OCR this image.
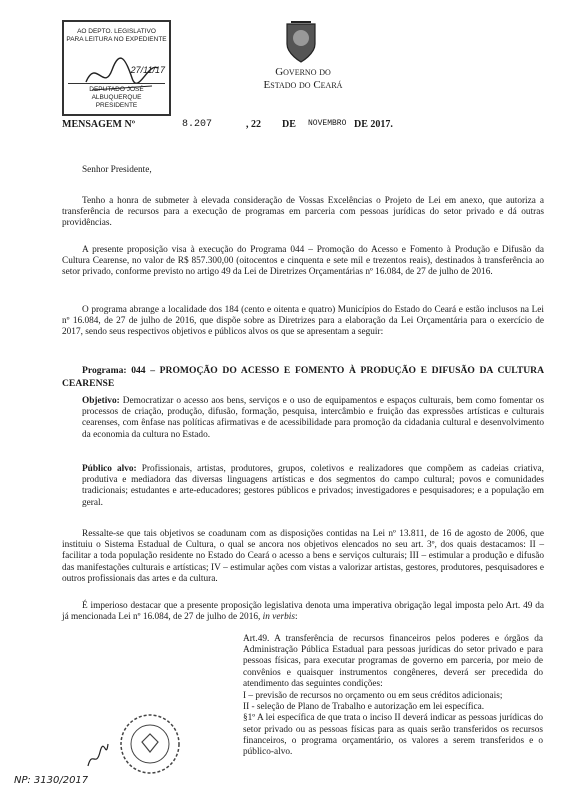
AO DEPTO. LEGISLATIVO
PARA LEITURA NO EXPEDIENTE
27/11/17
DEPUTADO JOSÉ ALBUQUERQUE
PRESIDENTE
Governo do
Estado do Ceará
MENSAGEM Nº	8.207	, 22 DE NOVEMBRO DE 2017.

Senhor Presidente,

Tenho a honra de submeter à elevada consideração de Vossas Excelências o Projeto de Lei em anexo, que autoriza a transferência de recursos para a execução de programas em parceria com pessoas jurídicas do setor privado e dá outras providências.

A presente proposição visa à execução do Programa 044 – Promoção do Acesso e Fomento à Produção e Difusão da Cultura Cearense, no valor de R$ 857.300,00 (oitocentos e cinquenta e sete mil e trezentos reais), destinados à transferência ao setor privado, conforme previsto no artigo 49 da Lei de Diretrizes Orçamentárias nº 16.084, de 27 de julho de 2016.

O programa abrange a localidade dos 184 (cento e oitenta e quatro) Municípios do Estado do Ceará e estão inclusos na Lei nº 16.084, de 27 de julho de 2016, que dispõe sobre as Diretrizes para a elaboração da Lei Orçamentária para o exercício de 2017, sendo seus respectivos objetivos e públicos alvos os que se apresentam a seguir:

Programa: 044 – PROMOÇÃO DO ACESSO E FOMENTO À PRODUÇÃO E DIFUSÃO DA CULTURA CEARENSE

Objetivo: Democratizar o acesso aos bens, serviços e o uso de equipamentos e espaços culturais, bem como fomentar os processos de criação, produção, difusão, formação, pesquisa, intercâmbio e fruição das expressões artísticas e culturais cearenses, com ênfase nas políticas afirmativas e de acessibilidade para promoção da cidadania cultural e desenvolvimento da economia da cultura no Estado.

Público alvo: Profissionais, artistas, produtores, grupos, coletivos e realizadores que compõem as cadeias criativa, produtiva e mediadora das diversas linguagens artísticas e dos segmentos do campo cultural; povos e comunidades tradicionais; estudantes e arte-educadores; gestores públicos e privados; investigadores e pesquisadores; e a população em geral.

Ressalte-se que tais objetivos se coadunam com as disposições contidas na Lei nº 13.811, de 16 de agosto de 2006, que instituiu o Sistema Estadual de Cultura, o qual se ancora nos objetivos elencados no seu art. 3º, dos quais destacamos: II – facilitar a toda população residente no Estado do Ceará o acesso a bens e serviços culturais; III – estimular a produção e difusão das manifestações culturais e artísticas; IV – estimular ações com vistas a valorizar artistas, gestores, produtores, pesquisadores e outros profissionais das artes e da cultura.

É imperioso destacar que a presente proposição legislativa denota uma imperativa obrigação legal imposta pelo Art. 49 da já mencionada Lei nº 16.084, de 27 de julho de 2016, in verbis:

Art.49. A transferência de recursos financeiros pelos poderes e órgãos da Administração Pública Estadual para pessoas jurídicas do setor privado e para pessoas físicas, para executar programas de governo em parceria, por meio de convênios e quaisquer instrumentos congêneres, deverá ser precedida do atendimento das seguintes condições:

I – previsão de recursos no orçamento ou em seus créditos adicionais;

II - seleção de Plano de Trabalho e autorização em lei específica.

§1º A lei específica de que trata o inciso II deverá indicar as pessoas jurídicas do setor privado ou as pessoas físicas para as quais serão transferidos os recursos financeiros, o programa orçamentário, os valores a serem transferidos e o público-alvo.

NP: 3130/2017
